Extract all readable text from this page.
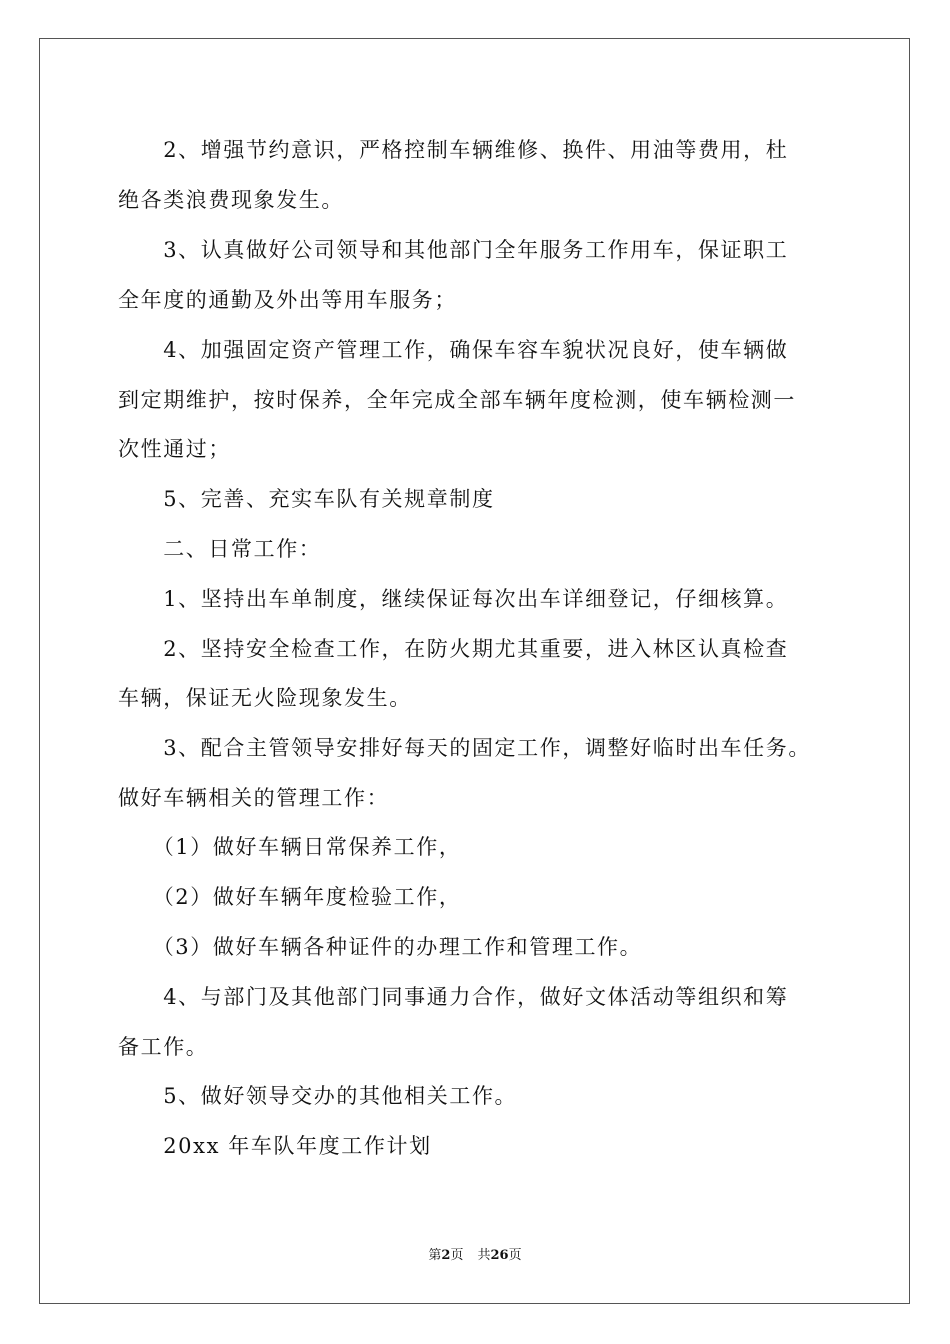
　　2、增强节约意识，严格控制车辆维修、换件、用油等费用，杜
绝各类浪费现象发生。
　　3、认真做好公司领导和其他部门全年服务工作用车，保证职工
全年度的通勤及外出等用车服务；
　　4、加强固定资产管理工作，确保车容车貌状况良好，使车辆做
到定期维护，按时保养，全年完成全部车辆年度检测，使车辆检测一
次性通过；
　　5、完善、充实车队有关规章制度
　　二、日常工作：
　　1、坚持出车单制度，继续保证每次出车详细登记，仔细核算。
　　2、坚持安全检查工作，在防火期尤其重要，进入林区认真检查
车辆，保证无火险现象发生。
　　3、配合主管领导安排好每天的固定工作，调整好临时出车任务。
做好车辆相关的管理工作：
　　（1）做好车辆日常保养工作，
　　（2）做好车辆年度检验工作，
　　（3）做好车辆各种证件的办理工作和管理工作。
　　4、与部门及其他部门同事通力合作，做好文体活动等组织和筹
备工作。
　　5、做好领导交办的其他相关工作。
　　20xx 年车队年度工作计划
第2页 共26页
